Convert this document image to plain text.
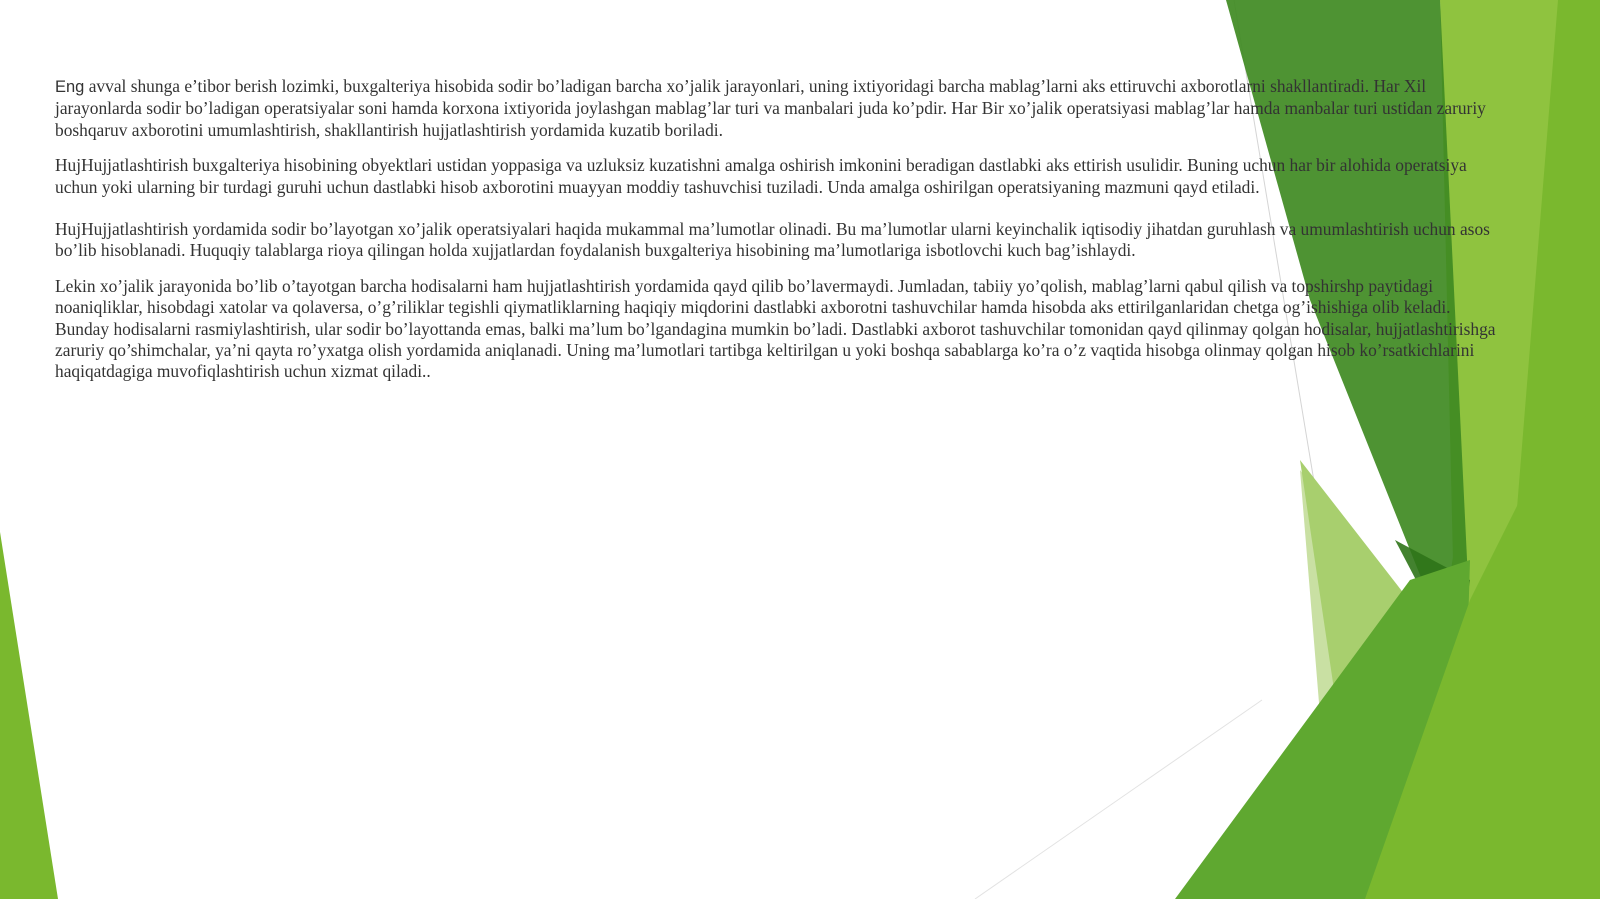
Eng avval shunga e’tibor berish lozimki, buxgalteriya hisobida sodir bo’ladigan barcha xo’jalik jarayonlari, uning ixtiyoridagi barcha mablag’larni aks ettiruvchi axborotlarni shakllantiradi. Har Xil jarayonlarda sodir bo’ladigan operatsiyalar soni hamda korxona ixtiyorida joylashgan mablag’lar turi va manbalari juda ko’pdir. Har Bir xo’jalik operatsiyasi mablag’lar hamda manbalar turi ustidan zaruriy boshqaruv axborotini umumlashtirish, shakllantirish hujjatlashtirish yordamida kuzatib boriladi.

HujHujjatlashtirish buxgalteriya hisobining obyektlari ustidan yoppasiga va uzluksiz kuzatishni amalga oshirish imkonini beradigan dastlabki aks ettirish usulidir. Buning uchun har bir alohida operatsiya uchun yoki ularning bir turdagi guruhi uchun dastlabki hisob axborotini muayyan moddiy tashuvchisi tuziladi. Unda amalga oshirilgan operatsiyaning mazmuni qayd etiladi.

HujHujjatlashtirish yordamida sodir bo’layotgan xo’jalik operatsiyalari haqida mukammal ma’lumotlar olinadi. Bu ma’lumotlar ularni keyinchalik iqtisodiy jihatdan guruhlash va umumlashtirish uchun asos bo’lib hisoblanadi. Huquqiy talablarga rioya qilingan holda xujjatlardan foydalanish buxgalteriya hisobining ma’lumotlariga isbotlovchi kuch bag’ishlaydi.

Lekin xo’jalik jarayonida bo’lib o’tayotgan barcha hodisalarni ham hujjatlashtirish yordamida qayd qilib bo’lavermaydi. Jumladan, tabiiy yo’qolish, mablag’larni qabul qilish va topshirshp paytidagi noaniqliklar, hisobdagi xatolar va qolaversa, o’g’riliklar tegishli qiymatliklarning haqiqiy miqdorini dastlabki axborotni tashuvchilar hamda hisobda aks ettirilganlaridan chetga og’ishishiga olib keladi. Bunday hodisalarni rasmiylashtirish, ular sodir bo’layottanda emas, balki ma’lum bo’lgandagina mumkin bo’ladi. Dastlabki axborot tashuvchilar tomonidan qayd qilinmay qolgan hodisalar, hujjatlashtirishga zaruriy qo’shimchalar, ya’ni qayta ro’yxatga olish yordamida aniqlanadi. Uning ma’lumotlari tartibga keltirilgan u yoki boshqa sabablarga ko’ra o’z vaqtida hisobga olinmay qolgan hisob ko’rsatkichlarini haqiqatdagiga muvofiqlashtirish uchun xizmat qiladi..
